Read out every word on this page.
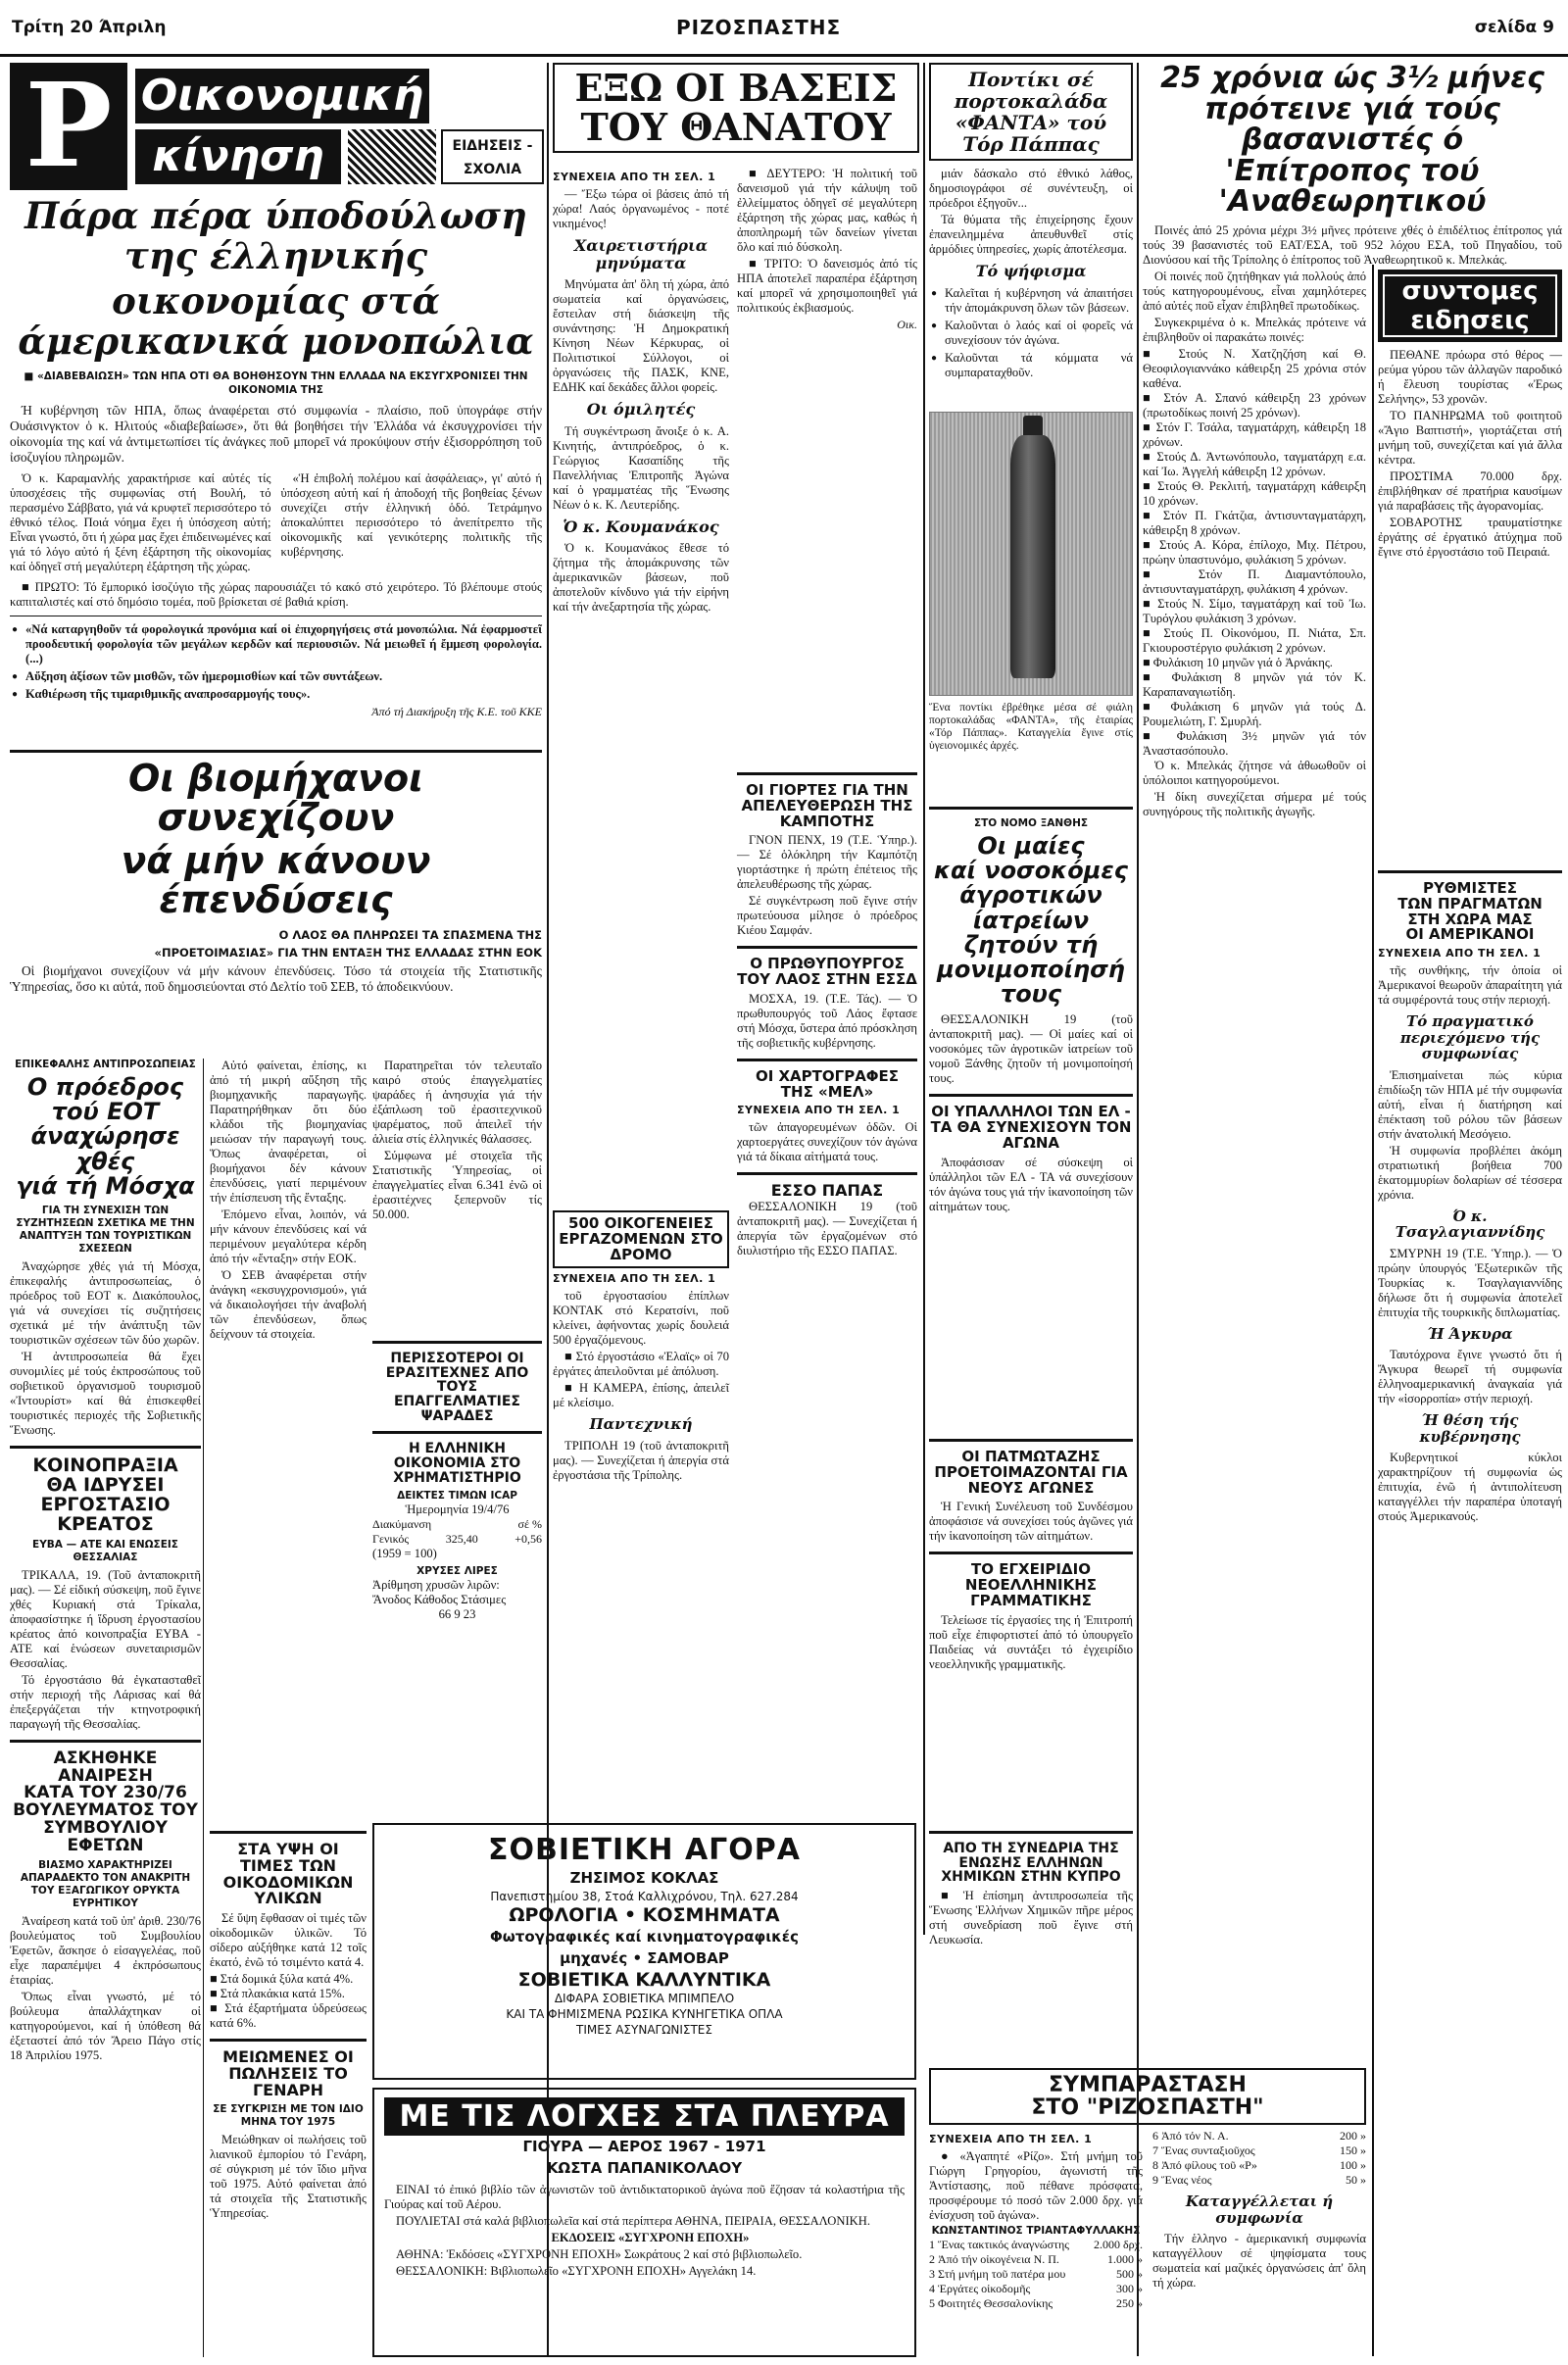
Τρίτη 20 Άπριλη	ΡΙΖΟΣΠΑΣΤΗΣ	σελίδα 9
Ρ Οικονομική
κίνηση	ΕΙΔΗΣΕΙΣ - ΣΧΟΛΙΑ
Πάρα πέρα ύποδούλωση της έλληνικής
οικονομίας στά άμερικανικά μονοπώλια
■ «ΔΙΑΒΕΒΑΙΩΣΗ» ΤΩΝ ΗΠΑ ΟΤΙ ΘΑ ΒΟΗΘΗΣΟΥΝ ΤΗΝ ΕΛΛΑΔΑ ΝΑ ΕΚΣΥΓΧΡΟΝΙΣΕΙ ΤΗΝ ΟΙΚΟΝΟΜΙΑ ΤΗΣ

Ή κυβέρνηση τῶν ΗΠΑ, ὅπως ἀναφέρεται στό συμφωνία - πλαίσιο, ποῦ ὑπογράφε στήν Ουάσινγκτον ὁ κ. Ηλιτούς «διαβεβαίωσε», ὅτι θά βοηθήσει τήν Ἑλλάδα νά ἐκσυγχρονίσει τήν οἰκονομία της καί νά ἀντιμετωπίσει τίς ἀνάγκες ποῦ μπορεῖ νά προκύψουν στήν ἐξισορρόπηση τοῦ ἰσοζυγίου πληρωμῶν.

Ὁ κ. Καραμανλής χαρακτήρισε καί αὐτές τίς ὑποσχέσεις τῆς συμφωνίας στή Βουλή, τό περασμένο Σάββατο, γιά νά κρυφτεῖ περισσότερο τό ἐθνικό τέλος. Ποιά νόημα ἔχει ή ὑπόσχεση αὐτή; Εἶναι γνωστό, ὅτι ή χώρα μας ἔχει ἐπιδεινωμένες καί γιά τό λόγο αὐτό ή ξένη ἐξάρτηση τῆς οἰκονομίας καί ὁδηγεῖ στή μεγαλύτερη ἐξάρτηση τῆς χώρας.

«Ἡ ἐπιβολή πολέμου καί ἀσφάλειας», γι' αὐτό ή ὑπόσχεση αὐτή καί ή ἀποδοχή τῆς βοηθείας ξένων συνεχίζει στήν ἑλληνική ὁδό. Τετράμηνο ἀποκαλύπτει περισσότερο τό ἀνεπίτρεπτο τῆς οἰκονομικῆς καί γενικότερης πολιτικῆς τῆς κυβέρνησης.

■ ΠΡΩΤΟ: Τό ἔμπορικό ἰσοζύγιο τῆς χώρας παρουσιάζει τό κακό στό χειρότερο. Τό βλέπουμε στούς καπιταλιστές καί στό δημόσιο τομέα, ποῦ βρίσκεται σέ βαθιά κρίση.

● «Νά καταργηθοῦν τά φορολογικά προνόμια καί οἱ ἐπιχορηγήσεις στά μονοπώλια. Νά ἐφαρμοστεῖ προοδευτική φορολογία τῶν μεγάλων κερδῶν καί περιουσιῶν. Νά μειωθεῖ ή ἔμμεση φορολογία. (...)
● Αὔξηση ἀξίσων τῶν μισθῶν, τῶν ἡμερομισθίων καί τῶν συντάξεων.
● Καθιέρωση τῆς τιμαριθμικῆς αναπροσαρμογής τους».
Ἀπό τή Διακήρυξη τῆς Κ.Ε. τοῦ ΚΚΕ
Οι βιομήχανοι συνεχίζουν
νά μήν κάνουν έπενδύσεις
Ο ΛΑΟΣ ΘΑ ΠΛΗΡΩΣΕΙ ΤΑ ΣΠΑΣΜΕΝΑ ΤΗΣ
«ΠΡΟΕΤΟΙΜΑΣΙΑΣ» ΓΙΑ ΤΗΝ ΕΝΤΑΞΗ ΤΗΣ ΕΛΛΑΔΑΣ ΣΤΗΝ ΕΟΚ

Οἱ βιομήχανοι συνεχίζουν νά μήν κάνουν ἐπενδύσεις. Τόσο τά στοιχεία τῆς Στατιστικῆς Ὑπηρεσίας, ὅσο κι αὐτά, ποῦ δημοσιεύονται στό Δελτίο τοῦ ΣΕΒ, τό ἀποδεικνύουν.

ΕΠΙΚΕΦΑΛΗΣ ΑΝΤΙΠΡΟΣΩΠΕΙΑΣ
Ο πρόεδρος τού ΕΟΤ
άναχώρησε χθές
γιά τή Μόσχα
ΓΙΑ ΤΗ ΣΥΝΕΧΙΣΗ ΤΩΝ ΣΥΖΗΤΗΣΕΩΝ ΣΧΕΤΙΚΑ ΜΕ ΤΗΝ ΑΝΑΠΤΥΞΗ ΤΩΝ ΤΟΥΡΙΣΤΙΚΩΝ ΣΧΕΣΕΩΝ

Ἀναχώρησε χθές γιά τή Μόσχα, ἐπικεφαλής ἀντιπροσωπείας, ὁ πρόεδρος τοῦ ΕΟΤ κ. Διακόπουλος, γιά νά συνεχίσει τίς συζητήσεις σχετικά μέ τήν ἀνάπτυξη τῶν τουριστικῶν σχέσεων τῶν δύο χωρῶν.

Ἡ ἀντιπροσωπεία θά ἔχει συνομιλίες μέ τούς ἐκπροσώπους τοῦ σοβιετικοῦ ὀργανισμοῦ τουρισμοῦ «Ἰντουρίστ» καί θά ἐπισκεφθεί τουριστικές περιοχές τῆς Σοβιετικῆς Ἕνωσης.

ΚΟΙΝΟΠΡΑΞΙΑ
ΘΑ ΙΔΡΥΣΕΙ
ΕΡΓΟΣΤΑΣΙΟ
ΚΡΕΑΤΟΣ
ΕΥΒΑ — ΑΤΕ ΚΑΙ ΕΝΩΣΕΙΣ ΘΕΣΣΑΛΙΑΣ

ΤΡΙΚΑΛΑ, 19. (Τοῦ ἀνταποκριτῆ μας). — Σέ εἰδική σύσκεψη, ποῦ ἔγινε χθές Κυριακή στά Τρίκαλα, ἀποφασίστηκε ή ἵδρυση ἐργοστασίου κρέατος ἀπό κοινοπραξία ΕΥΒΑ - ΑΤΕ καί ἑνώσεων συνεταιρισμῶν Θεσσαλίας.

Τό ἐργοστάσιο θά ἐγκατασταθεῖ στήν περιοχή τῆς Λάρισας καί θά ἐπεξεργάζεται τήν κτηνοτροφική παραγωγή τῆς Θεσσαλίας.

ΑΣΚΗΘΗΚΕ ΑΝΑΙΡΕΣΗ
ΚΑΤΑ ΤΟΥ 230/76
ΒΟΥΛΕΥΜΑΤΟΣ ΤΟΥ
ΣΥΜΒΟΥΛΙΟΥ ΕΦΕΤΩΝ
ΒΙΑΣΜΟ ΧΑΡΑΚΤΗΡΙΖΕΙ ΑΠΑΡΑΔΕΚΤΟ ΤΟΝ ΑΝΑΚΡΙΤΗ ΤΟΥ ΕΞΑΓΩΓΙΚΟΥ ΟΡΥΚΤΑ ΕΥΡΗΤΙΚΟΥ

Ἀναίρεση κατά τοῦ ὑπ' ἀριθ. 230/76 βουλεύματος τοῦ Συμβουλίου Ἐφετῶν, ἄσκησε ὁ εἰσαγγελέας, ποῦ εἶχε παραπέμψει 4 ἐκπρόσωπους ἑταιρίας.

Ὅπως εἶναι γνωστό, μέ τό βούλευμα ἀπαλλάχτηκαν οἱ κατηγορούμενοι, καί ή ὑπόθεση θά ἐξεταστεί ἀπό τόν Ἄρειο Πάγο στίς 18 Ἀπριλίου 1975.

Αὐτό φαίνεται, ἐπίσης, κι ἀπό τή μικρή αὔξηση τῆς βιομηχανικῆς παραγωγῆς. Παρατηρήθηκαν ὅτι δύο κλάδοι τῆς βιομηχανίας μειώσαν τήν παραγωγή τους. Ὅπως ἀναφέρεται, οἱ βιομήχανοι δέν κάνουν ἐπενδύσεις, γιατί περιμένουν τήν ἐπίσπευση τῆς ἔνταξης.

Ἐπόμενο εἶναι, λοιπόν, νά μήν κάνουν ἐπενδύσεις καί νά περιμένουν μεγαλύτερα κέρδη ἀπό τήν «ἔνταξη» στήν ΕΟΚ.

Ὁ ΣΕΒ ἀναφέρεται στήν ἀνάγκη «εκσυγχρονισμού», γιά νά δικαιολογήσει τήν ἀναβολή τῶν ἐπενδύσεων, ὅπως δείχνουν τά στοιχεία.

Παρατηρεῖται τόν τελευταῖο καιρό στούς ἐπαγγελματίες ψαράδες ή ἀνησυχία γιά τήν ἐξάπλωση τοῦ ἐρασιτεχνικοῦ ψαρέματος, ποῦ ἀπειλεῖ τήν ἁλιεία στίς ἑλληνικές θάλασσες.

Σύμφωνα μέ στοιχεῖα τῆς Στατιστικῆς Ὑπηρεσίας, οἱ ἐπαγγελματίες εἶναι 6.341 ἐνῶ οἱ ἐρασιτέχνες ξεπερνοῦν τίς 50.000.

ΣΤΑ ΥΨΗ ΟΙ ΤΙΜΕΣ ΤΩΝ ΟΙΚΟΔΟΜΙΚΩΝ ΥΛΙΚΩΝ

Σέ ὕψη ἔφθασαν οἱ τιμές τῶν οἰκοδομικῶν ὑλικῶν. Τό σίδερο αὐξήθηκε κατά 12 τοῖς ἑκατό, ἐνῶ τό τσιμέντο κατά 4.

■ Στά δομικά ξύλα κατά 4%.
■ Στά πλακάκια κατά 15%.
■ Στά ἐξαρτήματα ὑδρεύσεως κατά 6%.
ΜΕΙΩΜΕΝΕΣ ΟΙ ΠΩΛΗΣΕΙΣ ΤΟ ΓΕΝΑΡΗ
ΣΕ ΣΥΓΚΡΙΣΗ ΜΕ ΤΟΝ ΙΔΙΟ ΜΗΝΑ ΤΟΥ 1975

Μειώθηκαν οἱ πωλήσεις τοῦ λιανικοῦ ἐμπορίου τό Γενάρη, σέ σύγκριση μέ τόν ἴδιο μῆνα τοῦ 1975. Αὐτό φαίνεται ἀπό τά στοιχεῖα τῆς Στατιστικῆς Ὑπηρεσίας.

ΠΕΡΙΣΣΟΤΕΡΟΙ ΟΙ ΕΡΑΣΙΤΕΧΝΕΣ ΑΠΟ ΤΟΥΣ ΕΠΑΓΓΕΛΜΑΤΙΕΣ ΨΑΡΑΔΕΣ
Η ΕΛΛΗΝΙΚΗ ΟΙΚΟΝΟΜΙΑ ΣΤΟ ΧΡΗΜΑΤΙΣΤΗΡΙΟ
ΔΕΙΚΤΕΣ ΤΙΜΩΝ ICAP
Ἡμερομηνία 19/4/76
Διακύμανση	σέ %
Γενικός	325,40	+0,56
(1959 = 100)
ΧΡΥΣΕΣ ΛΙΡΕΣ
Ἀρίθμηση χρυσῶν λιρῶν:
Ἄνοδος Κάθοδος Στάσιμες
66 9 23
ΣΟΒΙΕΤΙΚΗ ΑΓΟΡΑ
ΖΗΣΙΜΟΣ ΚΟΚΛΑΣ
Πανεπιστημίου 38, Στοά Καλλιχρόνου, Τηλ. 627.284
ΩΡΟΛΟΓΙΑ • ΚΟΣΜΗΜΑΤΑ
Φωτογραφικές καί κινηματογραφικές
μηχανές • ΣΑΜΟΒΑΡ
ΣΟΒΙΕΤΙΚΑ ΚΑΛΛΥΝΤΙΚΑ
ΔΙΦΑΡΑ ΣΟΒΙΕΤΙΚΑ ΜΠΙΜΠΕΛΟ
ΚΑΙ ΤΑ ΦΗΜΙΣΜΕΝΑ ΡΩΣΙΚΑ ΚΥΝΗΓΕΤΙΚΑ ΟΠΛΑ
ΤΙΜΕΣ ΑΣΥΝΑΓΩΝΙΣΤΕΣ
ΜΕ ΤΙΣ ΛΟΓΧΕΣ ΣΤΑ ΠΛΕΥΡΑ
ΓΙΟΥΡΑ — ΑΕΡΟΣ 1967 - 1971
ΚΩΣΤΑ ΠΑΠΑΝΙΚΟΛΑΟΥ

ΕΙΝΑΙ τό ἐπικό βιβλίο τῶν ἀγωνιστῶν τοῦ ἀντιδικτατορικοῦ ἀγώνα ποῦ ἔζησαν τά κολαστήρια τῆς Γιούρας καί τοῦ Αέρου.

ΠΟΥΛΙΕΤΑΙ στά καλά βιβλιοπωλεῖα καί στά περίπτερα ΑΘΗΝΑ, ΠΕΙΡΑΙΑ, ΘΕΣΣΑΛΟΝΙΚΗ.

ΕΚΔΟΣΕΙΣ «ΣΥΓΧΡΟΝΗ ΕΠΟΧΗ»

ΑΘΗΝΑ: Ἐκδόσεις «ΣΥΓΧΡΟΝΗ ΕΠΟΧΗ» Σωκράτους 2 καί στό βιβλιοπωλεῖο.

ΘΕΣΣΑΛΟΝΙΚΗ: Βιβλιοπωλεῖο «ΣΥΓΧΡΟΝΗ ΕΠΟΧΗ» Αγγελάκη 14.

ΕΞΩ ΟΙ ΒΑΣΕΙΣ
ΤΟΥ ΘΑΝΑΤΟΥ
ΣΥΝΕΧΕΙΑ ΑΠΟ ΤΗ ΣΕΛ. 1

— Ἔξω τώρα οἱ βάσεις ἀπό τή χώρα! Λαός ὀργανωμένος - ποτέ νικημένος!

Χαιρετιστήρια μηνύματα

Μηνύματα ἀπ' ὅλη τή χώρα, ἀπό σωματεία καί ὀργανώσεις, ἔστειλαν στή διάσκεψη τῆς συνάντησης: Ἡ Δημοκρατική Κίνηση Νέων Κέρκυρας, οἱ Πολιτιστικοί Σύλλογοι, οἱ ὀργανώσεις τῆς ΠΑΣΚ, ΚΝΕ, ΕΔΗΚ καί δεκάδες ἄλλοι φορείς.

Οι όμιλητές

Τή συγκέντρωση ἄνοιξε ὁ κ. Α. Κινητής, ἀντιπρόεδρος, ὁ κ. Γεώργιος Κασαπίδης τῆς Πανελλήνιας Ἐπιτροπῆς Ἀγώνα καί ὁ γραμματέας τῆς Ἕνωσης Νέων ὁ κ. Κ. Λευτερίδης.

Ὁ κ. Κουμανάκος

Ὁ κ. Κουμανάκος ἔθεσε τό ζήτημα τῆς ἀπομάκρυνσης τῶν ἀμερικανικῶν βάσεων, ποῦ ἀποτελοῦν κίνδυνο γιά τήν εἰρήνη καί τήν ἀνεξαρτησία τῆς χώρας.

■ ΔΕΥΤΕΡΟ: Ἡ πολιτική τοῦ δανεισμοῦ γιά τήν κάλυψη τοῦ ἐλλείμματος ὁδηγεῖ σέ μεγαλύτερη ἐξάρτηση τῆς χώρας μας, καθώς ἡ ἀποπληρωμή τῶν δανείων γίνεται ὅλο καί πιό δύσκολη.

■ ΤΡΙΤΟ: Ὁ δανεισμός ἀπό τίς ΗΠΑ ἀποτελεῖ παραπέρα ἐξάρτηση καί μπορεῖ νά χρησιμοποιηθεῖ γιά πολιτικούς ἐκβιασμούς.

Οικ.
500 ΟΙΚΟΓΕΝΕΙΕΣ ΕΡΓΑΖΟΜΕΝΩΝ ΣΤΟ ΔΡΟΜΟ
ΣΥΝΕΧΕΙΑ ΑΠΟ ΤΗ ΣΕΛ. 1

τοῦ ἐργοστασίου ἐπίπλων ΚΟΝΤΑΚ στό Κερατσίνι, ποῦ κλείνει, ἀφήνοντας χωρίς δουλειά 500 ἐργαζόμενους.

■ Στό ἐργοστάσιο «Ἐλαϊς» οἱ 70 ἐργάτες ἀπειλοῦνται μέ ἀπόλυση.

■ Η ΚΑΜΕΡΑ, ἐπίσης, ἀπειλεῖ μέ κλείσιμο.

Παντεχνική

ΤΡΙΠΟΛΗ 19 (τοῦ ἀνταποκριτῆ μας). — Συνεχίζεται ή ἀπεργία στά ἐργοστάσια τῆς Τρίπολης.

ΟΙ ΓΙΟΡΤΕΣ ΓΙΑ ΤΗΝ ΑΠΕΛΕΥΘΕΡΩΣΗ ΤΗΣ ΚΑΜΠΟΤΗΣ

ΓΝΟΝ ΠΕΝΧ, 19 (Τ.Ε. Ὑπηρ.). — Σέ ὁλόκληρη τήν Καμπότζη γιορτάστηκε ή πρώτη ἐπέτειος τῆς ἀπελευθέρωσης τῆς χώρας.

Σέ συγκέντρωση ποῦ ἔγινε στήν πρωτεύουσα μίλησε ὁ πρόεδρος Κιέου Σαμφάν.

Ο ΠΡΩΘΥΠΟΥΡΓΟΣ ΤΟΥ ΛΑΟΣ ΣΤΗΝ ΕΣΣΔ

ΜΟΣΧΑ, 19. (Τ.Ε. Τάς). — Ὁ πρωθυπουργός τοῦ Λάος ἔφτασε στή Μόσχα, ὕστερα ἀπό πρόσκληση τῆς σοβιετικῆς κυβέρνησης.

ΟΙ ΧΑΡΤΟΓΡΑΦΕΣ ΤΗΣ «ΜΕΛ»
ΣΥΝΕΧΕΙΑ ΑΠΟ ΤΗ ΣΕΛ. 1

τῶν ἀπαγορευμένων ὁδῶν. Οἱ χαρτοεργάτες συνεχίζουν τόν ἀγώνα γιά τά δίκαια αἰτήματά τους.

ΕΣΣΟ ΠΑΠΑΣ

ΘΕΣΣΑΛΟΝΙΚΗ 19 (τοῦ ἀνταποκριτῆ μας). — Συνεχίζεται ή ἀπεργία τῶν ἐργαζομένων στό διυλιστήριο τῆς ΕΣΣΟ ΠΑΠΑΣ.

Ποντίκι σέ
πορτοκαλάδα
«ΦΑΝΤΑ» τού
Τόρ Πάππας

μιάν δάσκαλο στό ἐθνικό λάθος, δημοσιογράφοι σέ συνέντευξη, οἱ πρόεδροι ἐξηγοῦν...

Τά θύματα τῆς ἐπιχείρησης ἔχουν ἐπανειλημμένα ἀπευθυνθεῖ στίς ἁρμόδιες ὑπηρεσίες, χωρίς ἀποτέλεσμα.

Τό ψήφισμα
● Καλεῖται ή κυβέρνηση νά ἀπαιτήσει τήν ἀπομάκρυνση ὅλων τῶν βάσεων.
● Καλοῦνται ὁ λαός καί οἱ φορεῖς νά συνεχίσουν τόν ἀγώνα.
● Καλοῦνται τά κόμματα νά συμπαραταχθοῦν.
Ἕνα ποντίκι ἐβρέθηκε μέσα σέ φιάλη πορτοκαλάδας «ΦΑΝΤΑ», τῆς ἑταιρίας «Τόρ Πάππας». Καταγγελία ἔγινε στίς ὑγειονομικές ἀρχές.
ΣΤΟ ΝΟΜΟ ΞΑΝΘΗΣ
Οι μαίες
καί νοσοκόμες
άγροτικών
ίατρείων ζητούν τή
μονιμοποίησή τους

ΘΕΣΣΑΛΟΝΙΚΗ 19 (τοῦ ἀνταποκριτῆ μας). — Οἱ μαίες καί οἱ νοσοκόμες τῶν ἀγροτικῶν ἰατρείων τοῦ νομοῦ Ξάνθης ζητοῦν τή μονιμοποίησή τους.

ΟΙ ΥΠΑΛΛΗΛΟΙ ΤΩΝ ΕΛ - ΤΑ ΘΑ ΣΥΝΕΧΙΣΟΥΝ ΤΟΝ ΑΓΩΝΑ

Ἀποφάσισαν σέ σύσκεψη οἱ ὑπάλληλοι τῶν ΕΛ - ΤΑ νά συνεχίσουν τόν ἀγώνα τους γιά τήν ἱκανοποίηση τῶν αἰτημάτων τους.

ΟΙ ΠΑΤΜΩΤΑΖΗΣ ΠΡΟΕΤΟΙΜΑΖΟΝΤΑΙ ΓΙΑ ΝΕΟΥΣ ΑΓΩΝΕΣ

Ἡ Γενική Συνέλευση τοῦ Συνδέσμου ἀποφάσισε νά συνεχίσει τούς ἀγῶνες γιά τήν ἱκανοποίηση τῶν αἰτημάτων.

ΤΟ ΕΓΧΕΙΡΙΔΙΟ ΝΕΟΕΛΛΗΝΙΚΗΣ ΓΡΑΜΜΑΤΙΚΗΣ

Τελείωσε τίς ἐργασίες της ή Ἐπιτροπή ποῦ εἶχε ἐπιφορτιστεί ἀπό τό ὑπουργεῖο Παιδείας νά συντάξει τό ἐγχειρίδιο νεοελληνικῆς γραμματικῆς.

ΑΠΟ ΤΗ ΣΥΝΕΔΡΙΑ ΤΗΣ ΕΝΩΣΗΣ ΕΛΛΗΝΩΝ ΧΗΜΙΚΩΝ ΣΤΗΝ ΚΥΠΡΟ

■ Ἡ ἐπίσημη ἀντιπροσωπεία τῆς Ἕνωσης Ἑλλήνων Χημικῶν πῆρε μέρος στή συνεδρίαση ποῦ ἔγινε στή Λευκωσία.

25 χρόνια ώς 3½ μήνες
πρότεινε γιά τούς βασανιστές ό
'Επίτροπος τού 'Αναθεωρητικού

Ποινές ἀπό 25 χρόνια μέχρι 3½ μῆνες πρότεινε χθές ὁ ἐπιδέλτιος ἐπίτροπος γιά τούς 39 βασανιστές τοῦ ΕΑΤ/ΕΣΑ, τοῦ 952 λόχου ΕΣΑ, τοῦ Πηγαδίου, τοῦ Διονύσου καί τῆς Τρίπολης ὁ ἐπίτροπος τοῦ Ἀναθεωρητικοῦ κ. Μπελκάς.

Οἱ ποινές ποῦ ζητήθηκαν γιά πολλούς ἀπό τούς κατηγορουμένους, εἶναι χαμηλότερες ἀπό αὐτές ποῦ εἶχαν ἐπιβληθεῖ πρωτοδίκως.

Συγκεκριμένα ὁ κ. Μπελκάς πρότεινε νά ἐπιβληθοῦν οἱ παρακάτω ποινές:

■ Στούς Ν. Χατζηζήση καί Θ. Θεοφιλογιαννάκο κάθειρξη 25 χρόνια στόν καθένα.
■ Στόν Α. Σπανό κάθειρξη 23 χρόνων (πρωτοδίκως ποινή 25 χρόνων).
■ Στόν Γ. Τσάλα, ταγματάρχη, κάθειρξη 18 χρόνων.
■ Στούς Δ. Ἀντωνόπουλο, ταγματάρχη ε.α. καί Ἰω. Ἀγγελή κάθειρξη 12 χρόνων.
■ Στούς Θ. Ρεκλιτή, ταγματάρχη κάθειρξη 10 χρόνων.
■ Στόν Π. Γκάτζια, ἀντισυνταγματάρχη, κάθειρξη 8 χρόνων.
■ Στούς Α. Κόρα, ἐπίλοχο, Μιχ. Πέτρου, πρώην ὑπαστυνόμο, φυλάκιση 5 χρόνων.
■ Στόν Π. Διαμαντόπουλο, ἀντισυνταγματάρχη, φυλάκιση 4 χρόνων.
■ Στούς Ν. Σίμο, ταγματάρχη καί τοῦ Ἰω. Τυρόγλου φυλάκιση 3 χρόνων.
■ Στούς Π. Οἰκονόμου, Π. Νιάτα, Σπ. Γκιουροστέργιο φυλάκιση 2 χρόνων.
■ Φυλάκιση 10 μηνῶν γιά ὁ Ἀρνάκης.
■ Φυλάκιση 8 μηνῶν γιά τόν Κ. Καραπαναγιωτίδη.
■ Φυλάκιση 6 μηνῶν γιά τούς Δ. Ρουμελιώτη, Γ. Σμυρλή.
■ Φυλάκιση 3½ μηνῶν γιά τόν Ἀναστασόπουλο.

Ὁ κ. Μπελκάς ζήτησε νά ἀθωωθοῦν οἱ ὑπόλοιποι κατηγορούμενοι.

Ἡ δίκη συνεχίζεται σήμερα μέ τούς συνηγόρους τῆς πολιτικῆς ἀγωγῆς.

συντομες
ειδησεις

ΠΕΘΑΝΕ πρόωρα στό θέρος — ρεύμα γύρου τῶν ἀλλαγῶν παροδικό ή ἔλευση τουρίστας «Ἐρως Σελήνης», 53 χρονῶν.

ΤΟ ΠΑΝΗΡΩΜΑ τοῦ φοιτητοῦ «Ἄγιο Βαπτιστή», γιορτάζεται στή μνήμη τοῦ, συνεχίζεται καί γιά ἄλλα κέντρα.

ΠΡΟΣΤΙΜΑ 70.000 δρχ. ἐπιβλήθηκαν σέ πρατήρια καυσίμων γιά παραβάσεις τῆς ἀγορανομίας.

ΣΟΒΑΡΟΤΗΣ τραυματίστηκε ἐργάτης σέ ἐργατικό ἀτύχημα ποῦ ἔγινε στό ἐργοστάσιο τοῦ Πειραιά.

ΡΥΘΜΙΣΤΕΣ
ΤΩΝ ΠΡΑΓΜΑΤΩΝ
ΣΤΗ ΧΩΡΑ ΜΑΣ
ΟΙ ΑΜΕΡΙΚΑΝΟΙ
ΣΥΝΕΧΕΙΑ ΑΠΟ ΤΗ ΣΕΛ. 1

τῆς συνθήκης, τήν ὁποία οἱ Ἀμερικανοί θεωροῦν ἀπαραίτητη γιά τά συμφέροντά τους στήν περιοχή.

Τό πραγματικό περιεχόμενο τής συμφωνίας

Ἐπισημαίνεται πώς κύρια ἐπιδίωξη τῶν ΗΠΑ μέ τήν συμφωνία αὐτή, εἶναι ή διατήρηση καί ἐπέκταση τοῦ ρόλου τῶν βάσεων στήν ἀνατολική Μεσόγειο.

Ἡ συμφωνία προβλέπει ἀκόμη στρατιωτική βοήθεια 700 ἑκατομμυρίων δολαρίων σέ τέσσερα χρόνια.

Ό κ. Τσαγλαγιαννίδης

ΣΜΥΡΝΗ 19 (Τ.Ε. Ὑπηρ.). — Ὁ πρώην ὑπουργός Ἐξωτερικῶν τῆς Τουρκίας κ. Τσαγλαγιαννίδης δήλωσε ὅτι ή συμφωνία ἀποτελεῖ ἐπιτυχία τῆς τουρκικῆς διπλωματίας.

Ή Άγκυρα

Ταυτόχρονα ἔγινε γνωστό ὅτι ή Ἄγκυρα θεωρεῖ τή συμφωνία ἑλληνοαμερικανική ἀναγκαία γιά τήν «ἰσορροπία» στήν περιοχή.

Ή θέση τής κυβέρνησης

Κυβερνητικοί κύκλοι χαρακτηρίζουν τή συμφωνία ὡς ἐπιτυχία, ἐνῶ ή ἀντιπολίτευση καταγγέλλει τήν παραπέρα ὑποταγή στούς Ἀμερικανούς.

ΣΥΜΠΑΡΑΣΤΑΣΗ
ΣΤΟ "ΡΙΖΟΣΠΑΣΤΗ"
ΣΥΝΕΧΕΙΑ ΑΠΟ ΤΗ ΣΕΛ. 1

● «Ἀγαπητέ «Ρίζο». Στή μνήμη τοῦ Γιώργη Γρηγορίου, ἀγωνιστή τῆς Ἀντίστασης, ποῦ πέθανε πρόσφατα, προσφέρουμε τό ποσό τῶν 2.000 δρχ. γιά ἐνίσχυση τοῦ ἀγώνα».

ΚΩΝΣΤΑΝΤΙΝΟΣ ΤΡΙΑΝΤΑΦΥΛΛΑΚΗΣ
1 Ἕνας τακτικός ἀναγνώστης 2.000 δρχ.
2 Ἀπό τήν οἰκογένεια Ν. Π.	1.000 »
3 Στή μνήμη τοῦ πατέρα μου	500 »
4 Ἑργάτες οἰκοδομῆς	300 »
5 Φοιτητές Θεσσαλονίκης	250 »
6 Ἀπό τόν Ν. Α.	200 »
7 Ἕνας συνταξιοῦχος	150 »
8 Ἀπό φίλους τοῦ «Ρ»	100 »
9 Ἕνας νέος	50 »
Καταγγέλλεται ή συμφωνία

Τήν ἑλληνο - ἀμερικανική συμφωνία καταγγέλλουν σέ ψηφίσματα τους σωματεία καί μαζικές ὀργανώσεις ἀπ' ὅλη τή χώρα.
